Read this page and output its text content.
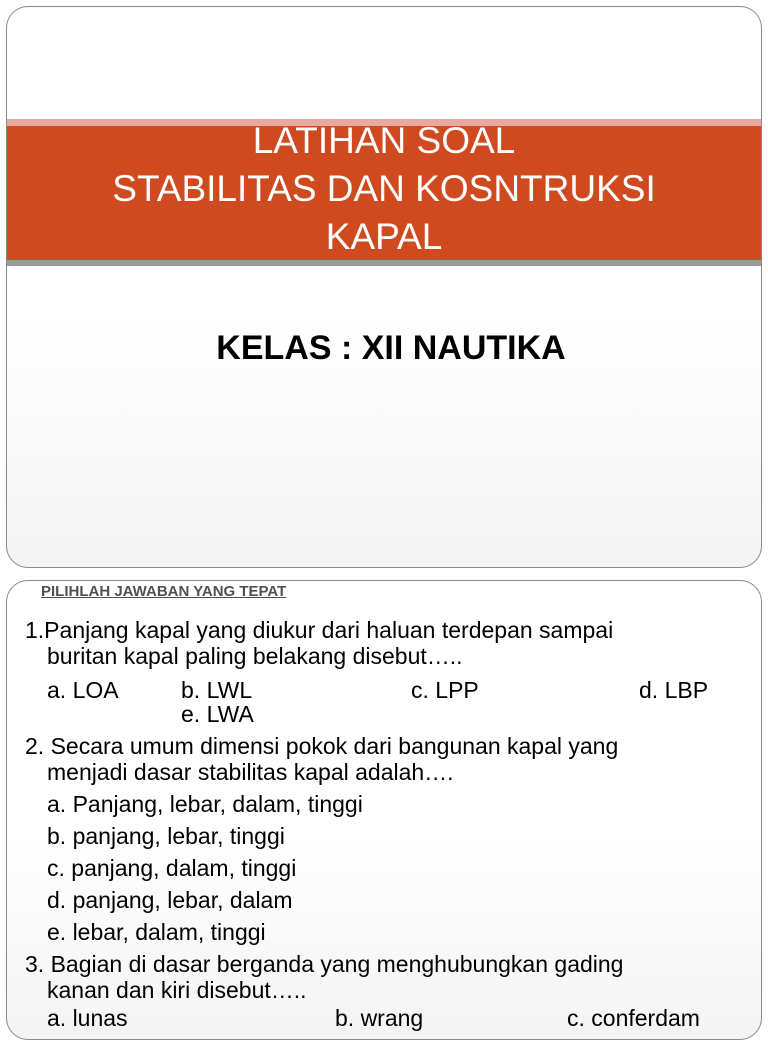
LATIHAN SOAL
STABILITAS DAN KOSNTRUKSI
KAPAL
KELAS : XII NAUTIKA
PILIHLAH JAWABAN YANG TEPAT
1.Panjang kapal yang diukur dari haluan terdepan sampai
buritan kapal paling belakang disebut…..
a. LOA	b. LWL	c. LPP	d. LBP
e. LWA
2. Secara umum dimensi pokok dari bangunan kapal yang
menjadi dasar stabilitas kapal adalah….
a. Panjang, lebar, dalam, tinggi
b. panjang, lebar, tinggi
c. panjang, dalam, tinggi
d. panjang, lebar, dalam
e. lebar, dalam, tinggi
3. Bagian di dasar berganda yang menghubungkan gading
kanan dan kiri disebut…..
a. lunas	b. wrang	c. conferdam
